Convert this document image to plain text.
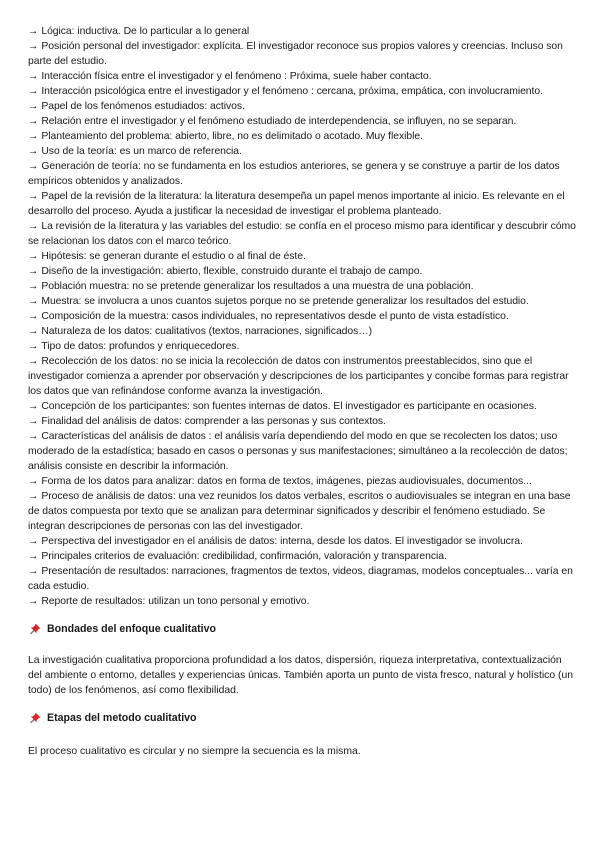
→ Lógica: inductiva. De lo particular a lo general

→ Posición personal del investigador: explícita. El investigador reconoce sus propios valores y creencias. Incluso son parte del estudio.

→ Interacción física entre el investigador y el fenómeno : Próxima, suele haber contacto.

→ Interacción psicológica entre el investigador y el fenómeno : cercana, próxima, empática, con involucramiento.

→ Papel de los fenómenos estudiados: activos.

→ Relación entre el investigador y el fenómeno estudiado de interdependencia, se influyen, no se separan.

→ Planteamiento del problema: abierto, libre, no es delimitado o acotado. Muy flexible.

→ Uso de la teoría: es un marco de referencia.

→ Generación de teoría: no se fundamenta en los estudios anteriores, se genera y se construye a partir de los datos empíricos obtenidos y analizados.

→ Papel de la revisión de la literatura: la literatura desempeña un papel menos importante al inicio. Es relevante en el desarrollo del proceso. Ayuda a justificar la necesidad de investigar el problema planteado.

→ La revisión de la literatura y las variables del estudio: se confía en el proceso mismo para identificar y descubrir cómo se relacionan los datos con el marco teórico.

→ Hipótesis: se generan durante el estudio o al final de éste.

→ Diseño de la investigación: abierto, flexible, construido durante el trabajo de campo.

→ Población muestra: no se pretende generalizar los resultados a una muestra de una población.

→ Muestra: se involucra a unos cuantos sujetos porque no se pretende generalizar los resultados del estudio.

→ Composición de la muestra: casos individuales, no representativos desde el punto de vista estadístico.

→ Naturaleza de los datos: cualitativos (textos, narraciones, significados…)

→ Tipo de datos: profundos y enriquecedores.

→ Recolección de los datos: no se inicia la recolección de datos con instrumentos preestablecidos, sino que el investigador comienza a aprender por observación y descripciones de los participantes y concibe formas para registrar los datos que van refinándose conforme avanza la investigación.

→ Concepción de los participantes: son fuentes internas de datos. El investigador es participante en ocasiones.

→ Finalidad del análisis de datos: comprender a las personas y sus contextos.

→ Características del análisis de datos : el análisis varía dependiendo del modo en que se recolecten los datos; uso moderado de la estadística; basado en casos o personas y sus manifestaciones; simultáneo a la recolección de datos; análisis consiste en describir la información.

→ Forma de los datos para analizar: datos en forma de textos, imágenes, piezas audiovisuales, documentos...

→ Proceso de análisis de datos: una vez reunidos los datos verbales, escritos o audiovisuales se integran en una base de datos compuesta por texto que se analizan para determinar significados y describir el fenómeno estudiado. Se integran descripciones de personas con las del investigador.

→ Perspectiva del investigador en el análisis de datos: interna, desde los datos. El investigador se involucra.

→ Principales criterios de evaluación: credibilidad, confirmación, valoración y transparencia.

→ Presentación de resultados: narraciones, fragmentos de textos, videos, diagramas, modelos conceptuales... varía en cada estudio.

→ Reporte de resultados: utilizan un tono personal y emotivo.

Bondades del enfoque cualitativo

La investigación cualitativa proporciona profundidad a los datos, dispersión, riqueza interpretativa, contextualización del ambiente o entorno, detalles y experiencias únicas. También aporta un punto de vista fresco, natural y holístico (un todo) de los fenómenos, así como flexibilidad.

Etapas del metodo cualitativo

El proceso cualitativo es circular y no siempre la secuencia es la misma.
